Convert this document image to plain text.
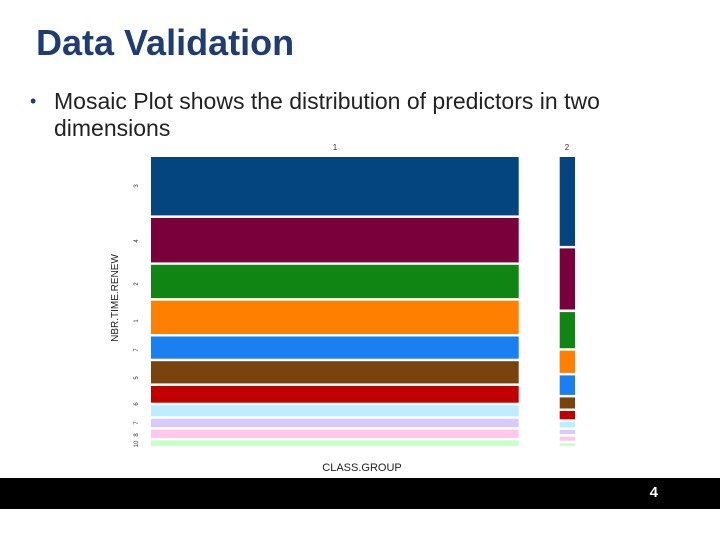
Data Validation
• Mosaic Plot shows the distribution of predictors in two dimensions
CLASS.GROUP
NBR.TIME.RENEW
1	2
3
4
2
1
7
5
6
7
8
10
4
